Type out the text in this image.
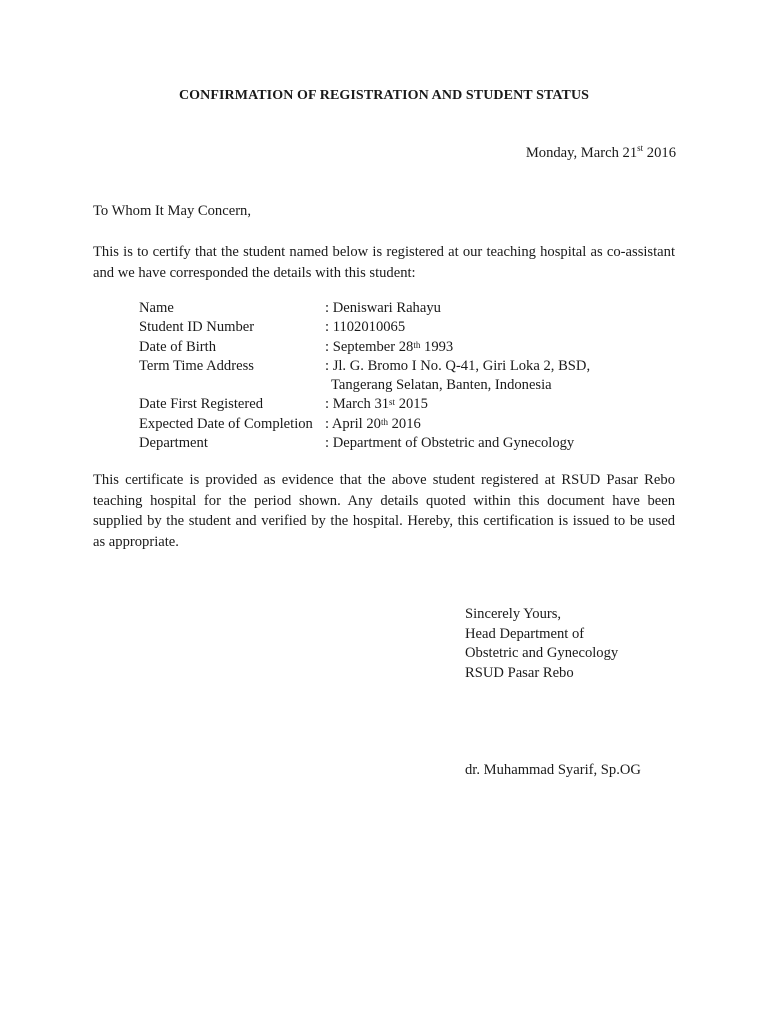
CONFIRMATION OF REGISTRATION AND STUDENT STATUS
Monday, March 21st 2016
To Whom It May Concern,
This is to certify that the student named below is registered at our teaching hospital as co-assistant and we have corresponded the details with this student:
Name	: Deniswari Rahayu
Student ID Number	: 1102010065
Date of Birth	: September 28th 1993
Term Time Address	: Jl. G. Bromo I No. Q-41, Giri Loka 2, BSD,
Tangerang Selatan, Banten, Indonesia
Date First Registered	: March 31st 2015
Expected Date of Completion : April 20th 2016
Department	: Department of Obstetric and Gynecology
This certificate is provided as evidence that the above student registered at RSUD Pasar Rebo teaching hospital for the period shown. Any details quoted within this document have been supplied by the student and verified by the hospital. Hereby, this certification is issued to be used as appropriate.
Sincerely Yours,
Head Department of
Obstetric and Gynecology
RSUD Pasar Rebo
dr. Muhammad Syarif, Sp.OG
